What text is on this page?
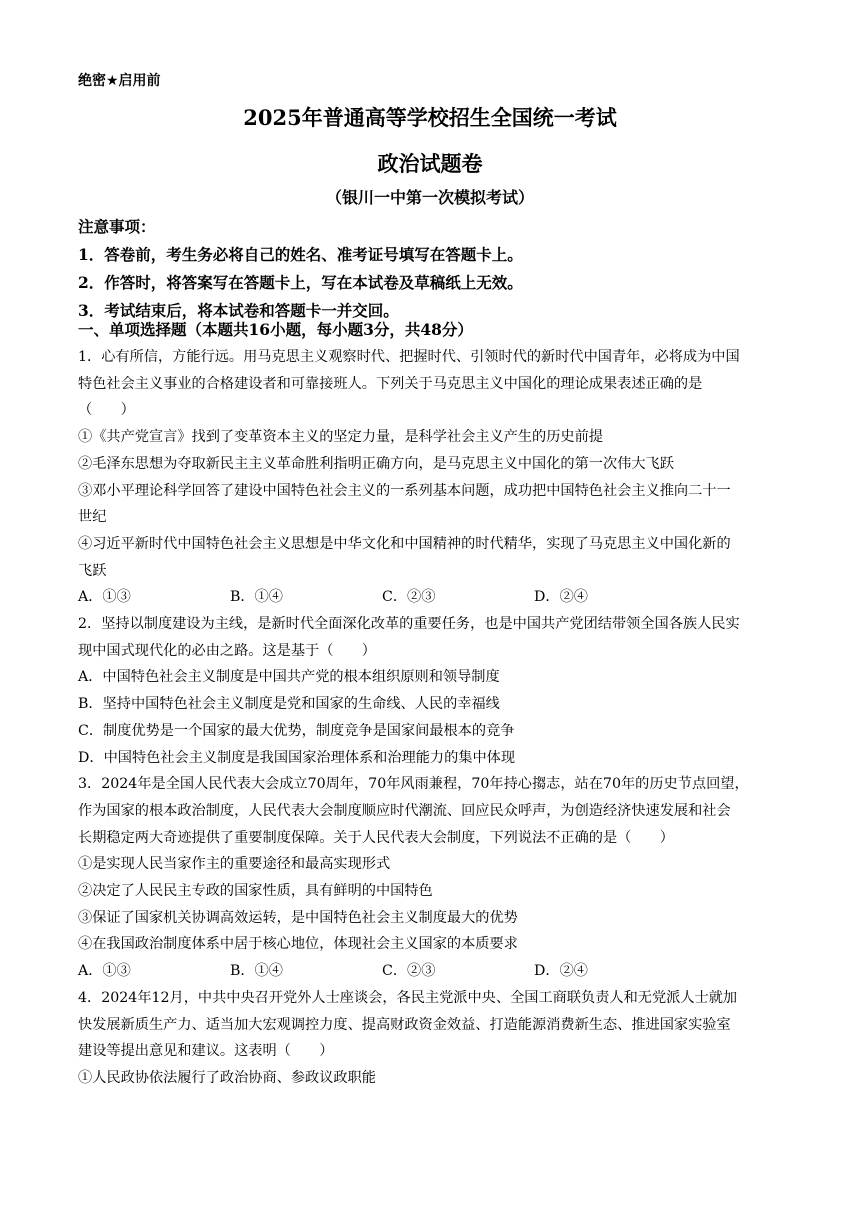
绝密★启用前
2025年普通高等学校招生全国统一考试
政治试题卷
（银川一中第一次模拟考试）
注意事项：
1．答卷前，考生务必将自己的姓名、准考证号填写在答题卡上。
2．作答时，将答案写在答题卡上，写在本试卷及草稿纸上无效。
3．考试结束后，将本试卷和答题卡一并交回。
一、单项选择题（本题共16小题，每小题3分，共48分）

1．心有所信，方能行远。用马克思主义观察时代、把握时代、引领时代的新时代中国青年，必将成为中国

特色社会主义事业的合格建设者和可靠接班人。下列关于马克思主义中国化的理论成果表述正确的是

（　　）

①《共产党宣言》找到了变革资本主义的坚定力量，是科学社会主义产生的历史前提

②毛泽东思想为夺取新民主主义革命胜利指明正确方向，是马克思主义中国化的第一次伟大飞跃

③邓小平理论科学回答了建设中国特色社会主义的一系列基本问题，成功把中国特色社会主义推向二十一

世纪

④习近平新时代中国特色社会主义思想是中华文化和中国精神的时代精华，实现了马克思主义中国化新的

飞跃

A．①③	B．①④	C．②③	D．②④

2．坚持以制度建设为主线，是新时代全面深化改革的重要任务，也是中国共产党团结带领全国各族人民实

现中国式现代化的必由之路。这是基于（　　）

A．中国特色社会主义制度是中国共产党的根本组织原则和领导制度

B．坚持中国特色社会主义制度是党和国家的生命线、人民的幸福线

C．制度优势是一个国家的最大优势，制度竞争是国家间最根本的竞争

D．中国特色社会主义制度是我国国家治理体系和治理能力的集中体现

3．2024年是全国人民代表大会成立70周年，70年风雨兼程，70年持心搊志，站在70年的历史节点回望，

作为国家的根本政治制度，人民代表大会制度顺应时代潮流、回应民众呼声，为创造经济快速发展和社会

长期稳定两大奇迹提供了重要制度保障。关于人民代表大会制度，下列说法不正确的是（　　）

①是实现人民当家作主的重要途径和最高实现形式

②决定了人民民主专政的国家性质，具有鲜明的中国特色

③保证了国家机关协调高效运转，是中国特色社会主义制度最大的优势

④在我国政治制度体系中居于核心地位，体现社会主义国家的本质要求

A．①③	B．①④	C．②③	D．②④

4．2024年12月，中共中央召开党外人士座谈会，各民主党派中央、全国工商联负责人和无党派人士就加

快发展新质生产力、适当加大宏观调控力度、提高财政资金效益、打造能源消费新生态、推进国家实验室

建设等提出意见和建议。这表明（　　）

①人民政协依法履行了政治协商、参政议政职能
